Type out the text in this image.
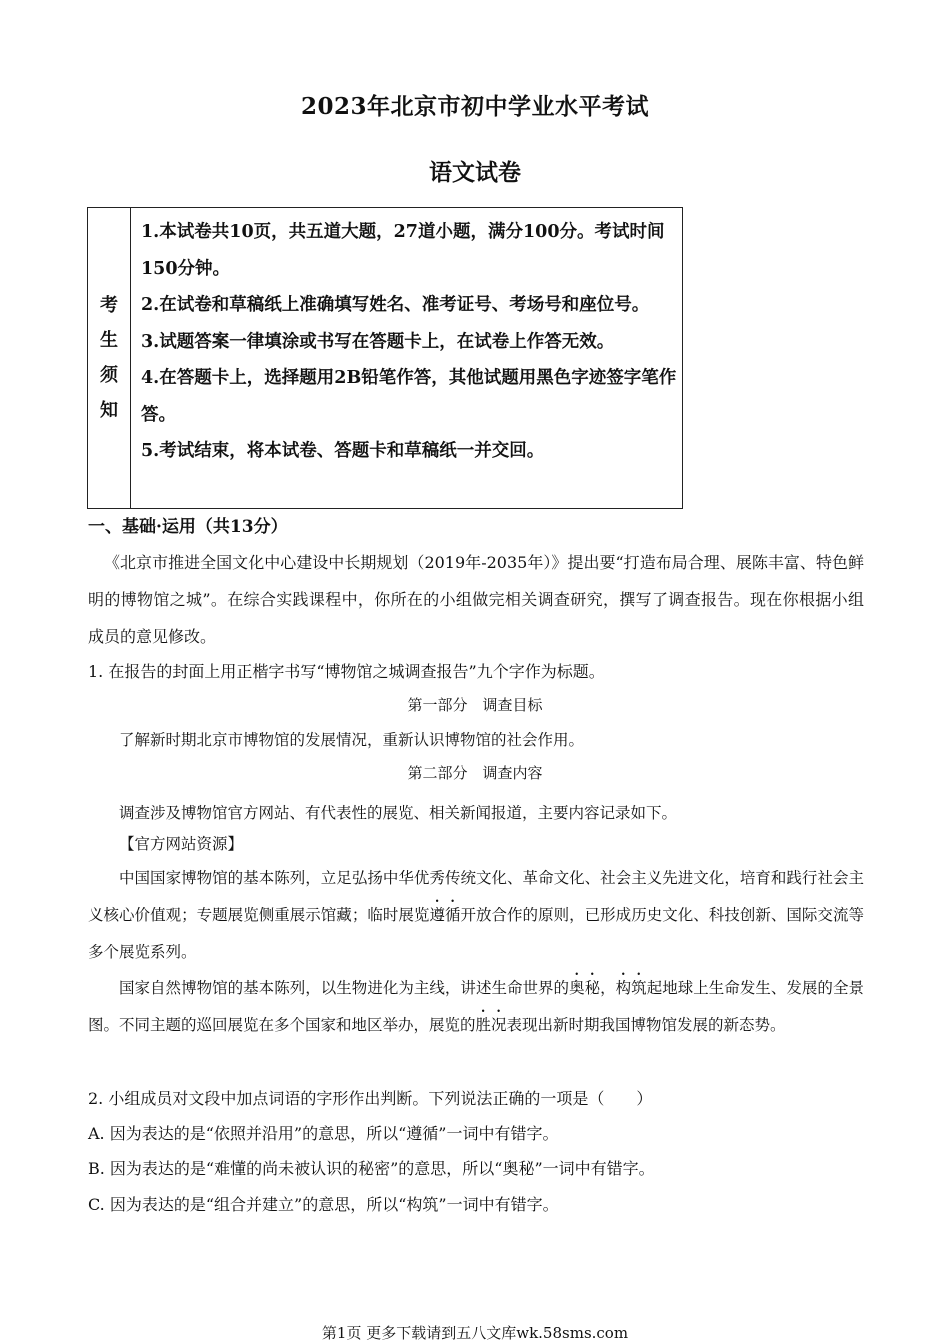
2023年北京市初中学业水平考试
语文试卷
考
生
须
知

1.本试卷共10页，共五道大题，27道小题，满分100分。考试时间150分钟。

2.在试卷和草稿纸上准确填写姓名、准考证号、考场号和座位号。

3.试题答案一律填涂或书写在答题卡上，在试卷上作答无效。

4.在答题卡上，选择题用2B铅笔作答，其他试题用黑色字迹签字笔作答。

5.考试结束，将本试卷、答题卡和草稿纸一并交回。

一、基础·运用（共13分）
《北京市推进全国文化中心建设中长期规划（2019年-2035年）》提出要“打造布局合理、展陈丰富、特色鲜明的博物馆之城”。在综合实践课程中，你所在的小组做完相关调查研究，撰写了调查报告。现在你根据小组成员的意见修改。
1. 在报告的封面上用正楷字书写“博物馆之城调查报告”九个字作为标题。
第一部分　调查目标
了解新时期北京市博物馆的发展情况，重新认识博物馆的社会作用。
第二部分　调查内容
调查涉及博物馆官方网站、有代表性的展览、相关新闻报道，主要内容记录如下。
【官方网站资源】
中国国家博物馆的基本陈列，立足弘扬中华优秀传统文化、革命文化、社会主义先进文化，培育和践行社会主义核心价值观；专题展览侧重展示馆藏；临时展览遵循开放合作的原则，已形成历史文化、科技创新、国际交流等多个展览系列。
国家自然博物馆的基本陈列，以生物进化为主线，讲述生命世界的奥秘，构筑起地球上生命发生、发展的全景图。不同主题的巡回展览在多个国家和地区举办，展览的胜况表现出新时期我国博物馆发展的新态势。
2. 小组成员对文段中加点词语的字形作出判断。下列说法正确的一项是（　　）
A. 因为表达的是“依照并沿用”的意思，所以“遵循”一词中有错字。
B. 因为表达的是“难懂的尚未被认识的秘密”的意思，所以“奥秘”一词中有错字。
C. 因为表达的是“组合并建立”的意思，所以“构筑”一词中有错字。
第1页 更多下载请到五八文库wk.58sms.com
